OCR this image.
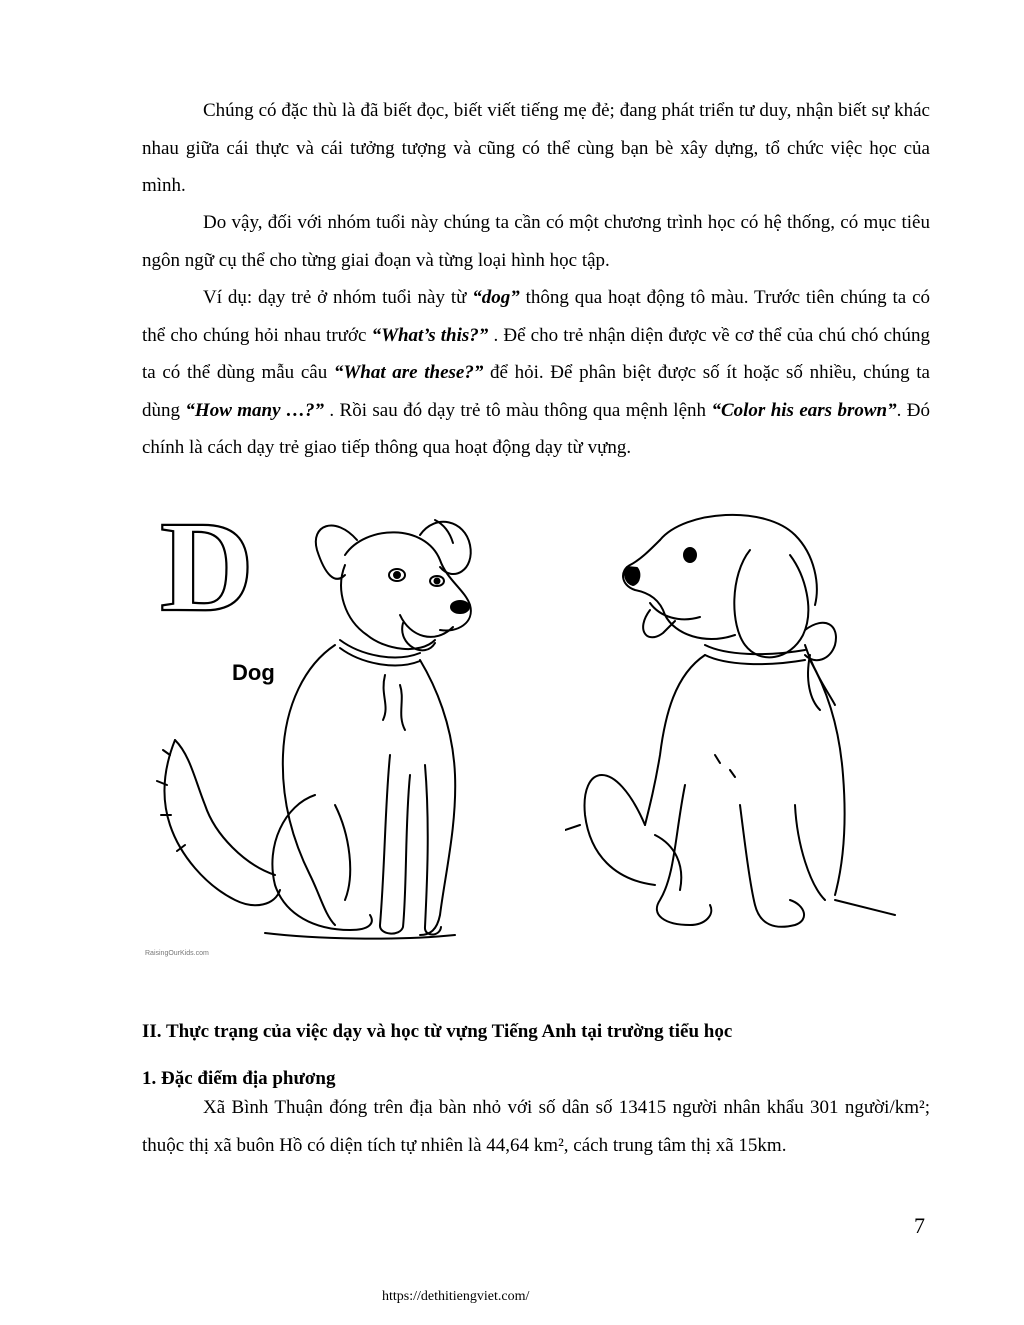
Chúng có đặc thù là đã biết đọc, biết viết tiếng mẹ đẻ; đang phát triển tư duy, nhận biết sự khác nhau giữa cái thực và cái tưởng tượng và cũng có thể cùng bạn bè xây dựng, tổ chức việc học của mình.

Do vậy, đối với nhóm tuổi này chúng ta cần có một chương trình học có hệ thống, có mục tiêu ngôn ngữ cụ thể cho từng giai đoạn và từng loại hình học tập.

Ví dụ: dạy trẻ ở nhóm tuổi này từ “dog” thông qua hoạt động tô màu. Trước tiên chúng ta có thể cho chúng hỏi nhau trước “What’s this?” . Để cho trẻ nhận diện được về cơ thể của chú chó chúng ta có thể dùng mẫu câu “What are these?” để hỏi. Để phân biệt được số ít hoặc số nhiều, chúng ta dùng “How many …?” . Rồi sau đó dạy trẻ tô màu thông qua mệnh lệnh “Color his ears brown”. Đó chính là cách dạy trẻ giao tiếp thông qua hoạt động dạy từ vựng.

D
Dog
RaisingOurKids.com

II. Thực trạng của việc dạy và học từ vựng Tiếng Anh tại trường tiểu học

1. Đặc điểm địa phương

Xã Bình Thuận đóng trên địa bàn nhỏ với số dân số 13415 người nhân khẩu 301 người/km²; thuộc thị xã buôn Hồ có diện tích tự nhiên là 44,64 km², cách trung tâm thị xã 15km.

7
https://dethitiengviet.com/
